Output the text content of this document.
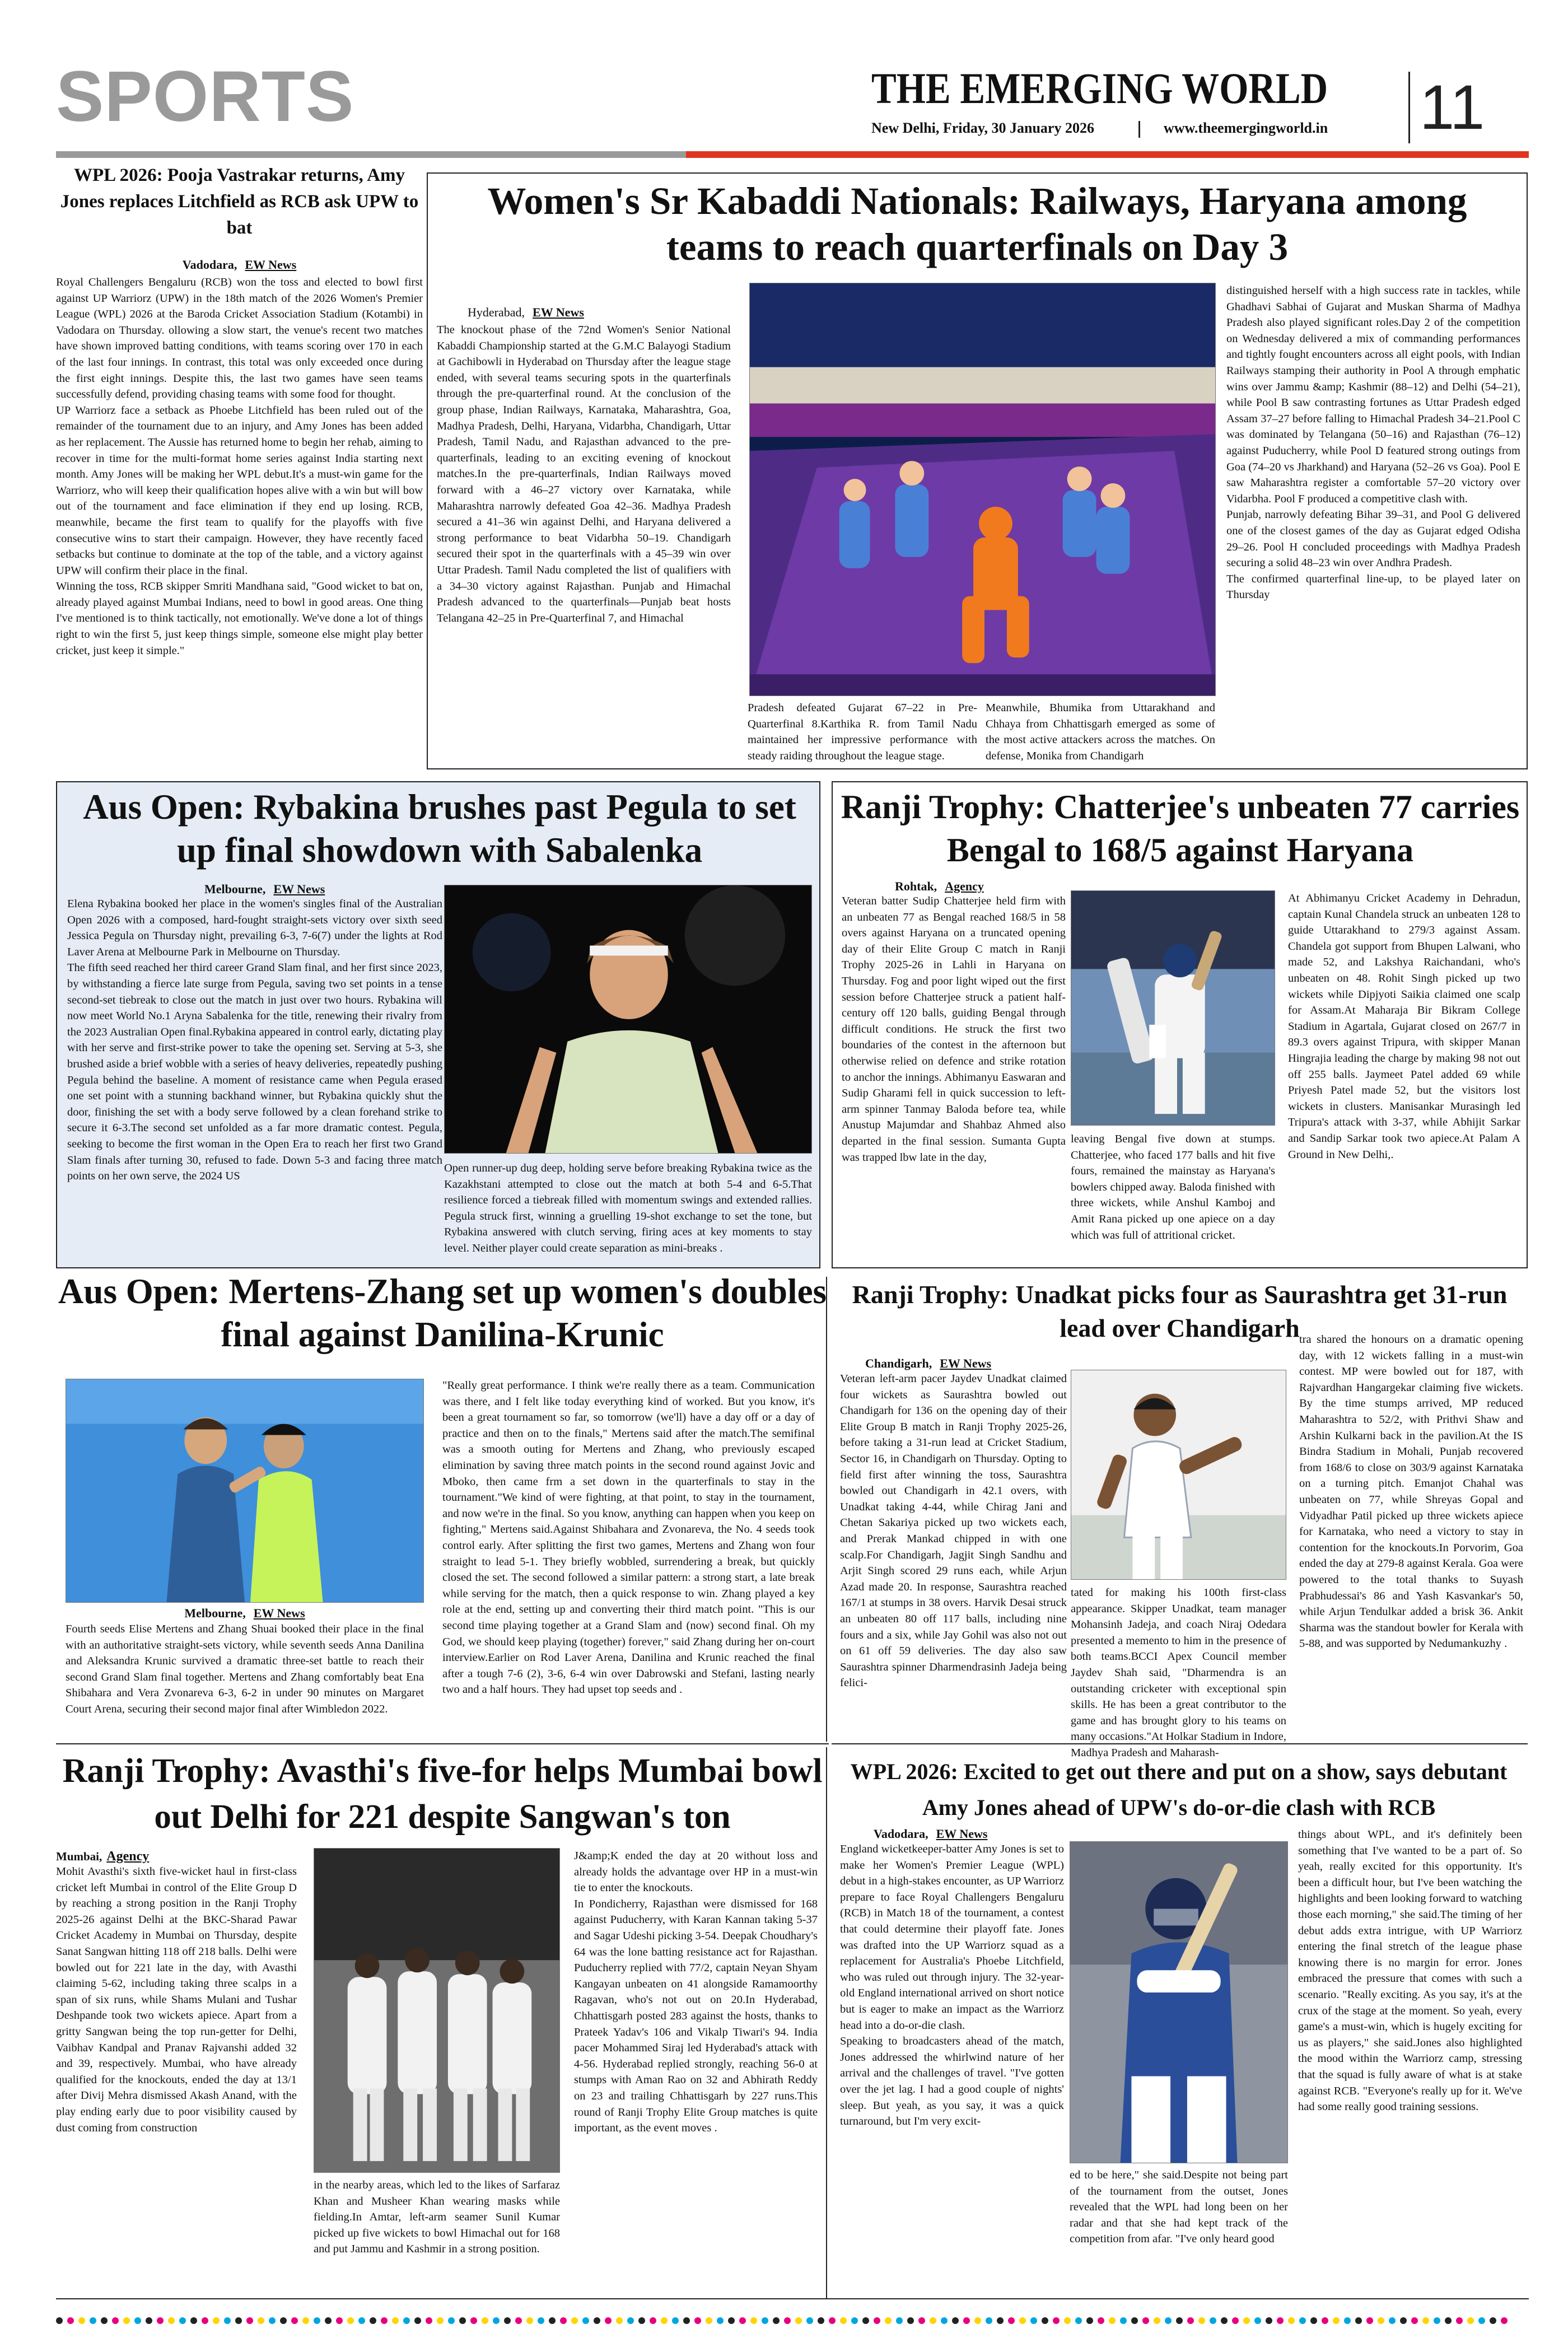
SPORTS	THE EMERGING WORLD
New Delhi, Friday, 30 January 2026	www.theemergingworld.in 11
WPL 2026: Pooja Vastrakar returns, Amy Jones replaces Litchfield as RCB ask UPW to bat
Vadodara, EW News
Royal Challengers Bengaluru (RCB) won the toss and elected to bowl first against UP Warriorz (UPW) in the 18th match of the 2026 Women's Premier League (WPL) 2026 at the Baroda Cricket Association Stadium (Kotambi) in Vadodara on Thursday. ollowing a slow start, the venue's recent two matches have shown improved batting conditions, with teams scoring over 170 in each of the last four innings. In contrast, this total was only exceeded once during the first eight innings. Despite this, the last two games have seen teams successfully defend, providing chasing teams with some food for thought.
UP Warriorz face a setback as Phoebe Litchfield has been ruled out of the remainder of the tournament due to an injury, and Amy Jones has been added as her replacement. The Aussie has returned home to begin her rehab, aiming to recover in time for the multi-format home series against India starting next month. Amy Jones will be making her WPL debut.It's a must-win game for the Warriorz, who will keep their qualification hopes alive with a win but will bow out of the tournament and face elimination if they end up losing. RCB, meanwhile, became the first team to qualify for the playoffs with five consecutive wins to start their campaign. However, they have recently faced setbacks but continue to dominate at the top of the table, and a victory against UPW will confirm their place in the final.
Winning the toss, RCB skipper Smriti Mandhana said, "Good wicket to bat on, already played against Mumbai Indians, need to bowl in good areas. One thing I've mentioned is to think tactically, not emotionally. We've done a lot of things right to win the first 5, just keep things simple, someone else might play better cricket, just keep it simple."
Women's Sr Kabaddi Nationals: Railways, Haryana among teams to reach quarterfinals on Day 3
Hyderabad, EW News
The knockout phase of the 72nd Women's Senior National Kabaddi Championship started at the G.M.C Balayogi Stadium at Gachibowli in Hyderabad on Thursday after the league stage ended, with several teams securing spots in the quarterfinals through the pre-quarterfinal round. At the conclusion of the group phase, Indian Railways, Karnataka, Maharashtra, Goa, Madhya Pradesh, Delhi, Haryana, Vidarbha, Chandigarh, Uttar Pradesh, Tamil Nadu, and Rajasthan advanced to the pre-quarterfinals, leading to an exciting evening of knockout matches.In the pre-quarterfinals, Indian Railways moved forward with a 46–27 victory over Karnataka, while Maharashtra narrowly defeated Goa 42–36. Madhya Pradesh secured a 41–36 win against Delhi, and Haryana delivered a strong performance to beat Vidarbha 50–19. Chandigarh secured their spot in the quarterfinals with a 45–39 win over Uttar Pradesh. Tamil Nadu completed the list of qualifiers with a 34–30 victory against Rajasthan. Punjab and Himachal Pradesh advanced to the quarterfinals—Punjab beat hosts Telangana 42–25 in Pre-Quarterfinal 7, and Himachal
Pradesh defeated Gujarat 67–22 in Pre-Quarterfinal 8.Karthika R. from Tamil Nadu maintained her impressive performance with steady raiding throughout the league stage.
Meanwhile, Bhumika from Uttarakhand and Chhaya from Chhattisgarh emerged as some of the most active attackers across the matches. On defense, Monika from Chandigarh
distinguished herself with a high success rate in tackles, while Ghadhavi Sabhai of Gujarat and Muskan Sharma of Madhya Pradesh also played significant roles.Day 2 of the competition on Wednesday delivered a mix of commanding performances and tightly fought encounters across all eight pools, with Indian Railways stamping their authority in Pool A through emphatic wins over Jammu &amp; Kashmir (88–12) and Delhi (54–21), while Pool B saw contrasting fortunes as Uttar Pradesh edged Assam 37–27 before falling to Himachal Pradesh 34–21.Pool C was dominated by Telangana (50–16) and Rajasthan (76–12) against Puducherry, while Pool D featured strong outings from Goa (74–20 vs Jharkhand) and Haryana (52–26 vs Goa). Pool E saw Maharashtra register a comfortable 57–20 victory over Vidarbha. Pool F produced a competitive clash with.
Punjab, narrowly defeating Bihar 39–31, and Pool G delivered one of the closest games of the day as Gujarat edged Odisha 29–26. Pool H concluded proceedings with Madhya Pradesh securing a solid 48–23 win over Andhra Pradesh.
The confirmed quarterfinal line-up, to be played later on Thursday
Aus Open: Rybakina brushes past Pegula to set up final showdown with Sabalenka
Melbourne, EW News
Elena Rybakina booked her place in the women's singles final of the Australian Open 2026 with a composed, hard-fought straight-sets victory over sixth seed Jessica Pegula on Thursday night, prevailing 6-3, 7-6(7) under the lights at Rod Laver Arena at Melbourne Park in Melbourne on Thursday.
The fifth seed reached her third career Grand Slam final, and her first since 2023, by withstanding a fierce late surge from Pegula, saving two set points in a tense second-set tiebreak to close out the match in just over two hours. Rybakina will now meet World No.1 Aryna Sabalenka for the title, renewing their rivalry from the 2023 Australian Open final.Rybakina appeared in control early, dictating play with her serve and first-strike power to take the opening set. Serving at 5-3, she brushed aside a brief wobble with a series of heavy deliveries, repeatedly pushing Pegula behind the baseline. A moment of resistance came when Pegula erased one set point with a stunning backhand winner, but Rybakina quickly shut the door, finishing the set with a body serve followed by a clean forehand strike to secure it 6-3.The second set unfolded as a far more dramatic contest. Pegula, seeking to become the first woman in the Open Era to reach her first two Grand Slam finals after turning 30, refused to fade. Down 5-3 and facing three match points on her own serve, the 2024 US
Open runner-up dug deep, holding serve before breaking Rybakina twice as the Kazakhstani attempted to close out the match at both 5-4 and 6-5.That resilience forced a tiebreak filled with momentum swings and extended rallies. Pegula struck first, winning a gruelling 19-shot exchange to set the tone, but Rybakina answered with clutch serving, firing aces at key moments to stay level. Neither player could create separation as mini-breaks .
Ranji Trophy: Chatterjee's unbeaten 77 carries Bengal to 168/5 against Haryana
Rohtak, Agency
Veteran batter Sudip Chatterjee held firm with an unbeaten 77 as Bengal reached 168/5 in 58 overs against Haryana on a truncated opening day of their Elite Group C match in Ranji Trophy 2025-26 in Lahli in Haryana on Thursday. Fog and poor light wiped out the first session before Chatterjee struck a patient half-century off 120 balls, guiding Bengal through difficult conditions. He struck the first two boundaries of the contest in the afternoon but otherwise relied on defence and strike rotation to anchor the innings. Abhimanyu Easwaran and Sudip Gharami fell in quick succession to left-arm spinner Tanmay Baloda before tea, while Anustup Majumdar and Shahbaz Ahmed also departed in the final session. Sumanta Gupta was trapped lbw late in the day,
leaving Bengal five down at stumps. Chatterjee, who faced 177 balls and hit five fours, remained the mainstay as Haryana's bowlers chipped away. Baloda finished with three wickets, while Anshul Kamboj and Amit Rana picked up one apiece on a day which was full of attritional cricket.
At Abhimanyu Cricket Academy in Dehradun, captain Kunal Chandela struck an unbeaten 128 to guide Uttarakhand to 279/3 against Assam. Chandela got support from Bhupen Lalwani, who made 52, and Lakshya Raichandani, who's unbeaten on 48. Rohit Singh picked up two wickets while Dipjyoti Saikia claimed one scalp for Assam.At Maharaja Bir Bikram College Stadium in Agartala, Gujarat closed on 267/7 in 89.3 overs against Tripura, with skipper Manan Hingrajia leading the charge by making 98 not out off 255 balls. Jaymeet Patel added 69 while Priyesh Patel made 52, but the visitors lost wickets in clusters. Manisankar Murasingh led Tripura's attack with 3-37, while Abhijit Sarkar and Sandip Sarkar took two apiece.At Palam A Ground in New Delhi,.
Aus Open: Mertens-Zhang set up women's doubles final against Danilina-Krunic
Melbourne, EW News
Fourth seeds Elise Mertens and Zhang Shuai booked their place in the final with an authoritative straight-sets victory, while seventh seeds Anna Danilina and Aleksandra Krunic survived a dramatic three-set battle to reach their second Grand Slam final together. Mertens and Zhang comfortably beat Ena Shibahara and Vera Zvonareva 6-3, 6-2 in under 90 minutes on Margaret Court Arena, securing their second major final after Wimbledon 2022.
"Really great performance. I think we're really there as a team. Communication was there, and I felt like today everything kind of worked. But you know, it's been a great tournament so far, so tomorrow (we'll) have a day off or a day of practice and then on to the finals," Mertens said after the match.The semifinal was a smooth outing for Mertens and Zhang, who previously escaped elimination by saving three match points in the second round against Jovic and Mboko, then came frm a set down in the quarterfinals to stay in the tournament."We kind of were fighting, at that point, to stay in the tournament, and now we're in the final. So you know, anything can happen when you keep on fighting," Mertens said.Against Shibahara and Zvonareva, the No. 4 seeds took control early. After splitting the first two games, Mertens and Zhang won four straight to lead 5-1. They briefly wobbled, surrendering a break, but quickly closed the set. The second followed a similar pattern: a strong start, a late break while serving for the match, then a quick response to win. Zhang played a key role at the end, setting up and converting their third match point. "This is our second time playing together at a Grand Slam and (now) second final. Oh my God, we should keep playing (together) forever," said Zhang during her on-court interview.Earlier on Rod Laver Arena, Danilina and Krunic reached the final after a tough 7-6 (2), 3-6, 6-4 win over Dabrowski and Stefani, lasting nearly two and a half hours. They had upset top seeds and .
Ranji Trophy: Unadkat picks four as Saurashtra get 31-run lead over Chandigarh
Chandigarh, EW News
Veteran left-arm pacer Jaydev Unadkat claimed four wickets as Saurashtra bowled out Chandigarh for 136 on the opening day of their Elite Group B match in Ranji Trophy 2025-26, before taking a 31-run lead at Cricket Stadium, Sector 16, in Chandigarh on Thursday. Opting to field first after winning the toss, Saurashtra bowled out Chandigarh in 42.1 overs, with Unadkat taking 4-44, while Chirag Jani and Chetan Sakariya picked up two wickets each, and Prerak Mankad chipped in with one scalp.For Chandigarh, Jagjit Singh Sandhu and Arjit Singh scored 29 runs each, while Arjun Azad made 20. In response, Saurashtra reached 167/1 at stumps in 38 overs. Harvik Desai struck an unbeaten 80 off 117 balls, including nine fours and a six, while Jay Gohil was also not out on 61 off 59 deliveries. The day also saw Saurashtra spinner Dharmendrasinh Jadeja being felici-
tated for making his 100th first-class appearance. Skipper Unadkat, team manager Mohansinh Jadeja, and coach Niraj Odedara presented a memento to him in the presence of both teams.BCCI Apex Council member Jaydev Shah said, "Dharmendra is an outstanding cricketer with exceptional spin skills. He has been a great contributor to the game and has brought glory to his teams on many occasions."At Holkar Stadium in Indore, Madhya Pradesh and Maharash-
tra shared the honours on a dramatic opening day, with 12 wickets falling in a must-win contest. MP were bowled out for 187, with Rajvardhan Hangargekar claiming five wickets. By the time stumps arrived, MP reduced Maharashtra to 52/2, with Prithvi Shaw and Arshin Kulkarni back in the pavilion.At the IS Bindra Stadium in Mohali, Punjab recovered from 168/6 to close on 303/9 against Karnataka on a turning pitch. Emanjot Chahal was unbeaten on 77, while Shreyas Gopal and Vidyadhar Patil picked up three wickets apiece for Karnataka, who need a victory to stay in contention for the knockouts.In Porvorim, Goa ended the day at 279-8 against Kerala. Goa were powered to the total thanks to Suyash Prabhudessai's 86 and Yash Kasvankar's 50, while Arjun Tendulkar added a brisk 36. Ankit Sharma was the standout bowler for Kerala with 5-88, and was supported by Nedumankuzhy .
Ranji Trophy: Avasthi's five-for helps Mumbai bowl out Delhi for 221 despite Sangwan's ton
Mumbai, Agency
Mohit Avasthi's sixth five-wicket haul in first-class cricket left Mumbai in control of the Elite Group D by reaching a strong position in the Ranji Trophy 2025-26 against Delhi at the BKC-Sharad Pawar Cricket Academy in Mumbai on Thursday, despite Sanat Sangwan hitting 118 off 218 balls. Delhi were bowled out for 221 late in the day, with Avasthi claiming 5-62, including taking three scalps in a span of six runs, while Shams Mulani and Tushar Deshpande took two wickets apiece. Apart from a gritty Sangwan being the top run-getter for Delhi, Vaibhav Kandpal and Pranav Rajvanshi added 32 and 39, respectively. Mumbai, who have already qualified for the knockouts, ended the day at 13/1 after Divij Mehra dismissed Akash Anand, with the play ending early due to poor visibility caused by dust coming from construction
in the nearby areas, which led to the likes of Sarfaraz Khan and Musheer Khan wearing masks while fielding.In Amtar, left-arm seamer Sunil Kumar picked up five wickets to bowl Himachal out for 168 and put Jammu and Kashmir in a strong position.
J&amp;K ended the day at 20 without loss and already holds the advantage over HP in a must-win tie to enter the knockouts.
In Pondicherry, Rajasthan were dismissed for 168 against Puducherry, with Karan Kannan taking 5-37 and Sagar Udeshi picking 3-54. Deepak Choudhary's 64 was the lone batting resistance act for Rajasthan. Puducherry replied with 77/2, captain Neyan Shyam Kangayan unbeaten on 41 alongside Ramamoorthy Ragavan, who's not out on 20.In Hyderabad, Chhattisgarh posted 283 against the hosts, thanks to Prateek Yadav's 106 and Vikalp Tiwari's 94. India pacer Mohammed Siraj led Hyderabad's attack with 4-56. Hyderabad replied strongly, reaching 56-0 at stumps with Aman Rao on 32 and Abhirath Reddy on 23 and trailing Chhattisgarh by 227 runs.This round of Ranji Trophy Elite Group matches is quite important, as the event moves .
WPL 2026: Excited to get out there and put on a show, says debutant Amy Jones ahead of UPW's do-or-die clash with RCB
Vadodara, EW News
England wicketkeeper-batter Amy Jones is set to make her Women's Premier League (WPL) debut in a high-stakes encounter, as UP Warriorz prepare to face Royal Challengers Bengaluru (RCB) in Match 18 of the tournament, a contest that could determine their playoff fate. Jones was drafted into the UP Warriorz squad as a replacement for Australia's Phoebe Litchfield, who was ruled out through injury. The 32-year-old England international arrived on short notice but is eager to make an impact as the Warriorz head into a do-or-die clash.
Speaking to broadcasters ahead of the match, Jones addressed the whirlwind nature of her arrival and the challenges of travel. "I've gotten over the jet lag. I had a good couple of nights' sleep. But yeah, as you say, it was a quick turnaround, but I'm very excit-
ed to be here," she said.Despite not being part of the tournament from the outset, Jones revealed that the WPL had long been on her radar and that she had kept track of the competition from afar. "I've only heard good
things about WPL, and it's definitely been something that I've wanted to be a part of. So yeah, really excited for this opportunity. It's been a difficult hour, but I've been watching the highlights and been looking forward to watching those each morning," she said.The timing of her debut adds extra intrigue, with UP Warriorz entering the final stretch of the league phase knowing there is no margin for error. Jones embraced the pressure that comes with such a scenario. "Really exciting. As you say, it's at the crux of the stage at the moment. So yeah, every game's a must-win, which is hugely exciting for us as players," she said.Jones also highlighted the mood within the Warriorz camp, stressing that the squad is fully aware of what is at stake against RCB. "Everyone's really up for it. We've had some really good training sessions.
